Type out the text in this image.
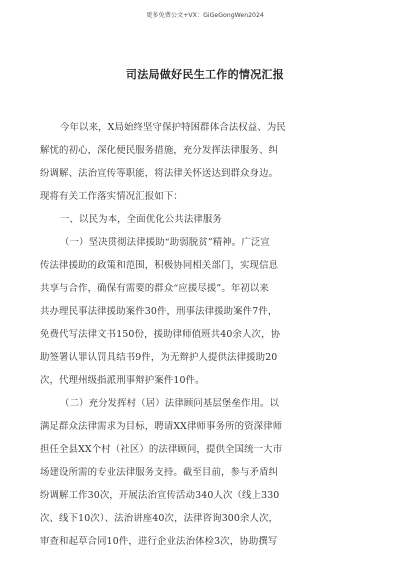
更多免费公文+VX：GiGeGongWen2024
司法局做好民生工作的情况汇报
今年以来，X局始终坚守保护特困群体合法权益、为民
解忧的初心，深化便民服务措施，充分发挥法律服务、纠
纷调解、法治宣传等职能，将法律关怀送达到群众身边。
现将有关工作落实情况汇报如下：
一、以民为本，全面优化公共法律服务
（一）坚决贯彻法律援助“助弱脱贫”精神。广泛宣
传法律援助的政策和范围，积极协同相关部门，实现信息
共享与合作，确保有需要的群众“应援尽援”。年初以来
共办理民事法律援助案件30件，刑事法律援助案件7件，
免费代写法律文书150份，援助律师值班共40余人次，协
助签署认罪认罚具结书9件，为无辩护人提供法律援助20
次，代理州级指派刑事辩护案件10件。
（二）充分发挥村（居）法律顾问基层堡垒作用。以
满足群众法律需求为目标，聘请XX律师事务所的资深律师
担任全县XX个村（社区）的法律顾问，提供全国统一大市
场建设所需的专业法律服务支持。截至目前，参与矛盾纠
纷调解工作30次，开展法治宣传活动340人次（线上330
次、线下10次）、法治讲座40次，法律咨询300余人次，
审查和起草合同10件，进行企业法治体检3次，协助撰写
